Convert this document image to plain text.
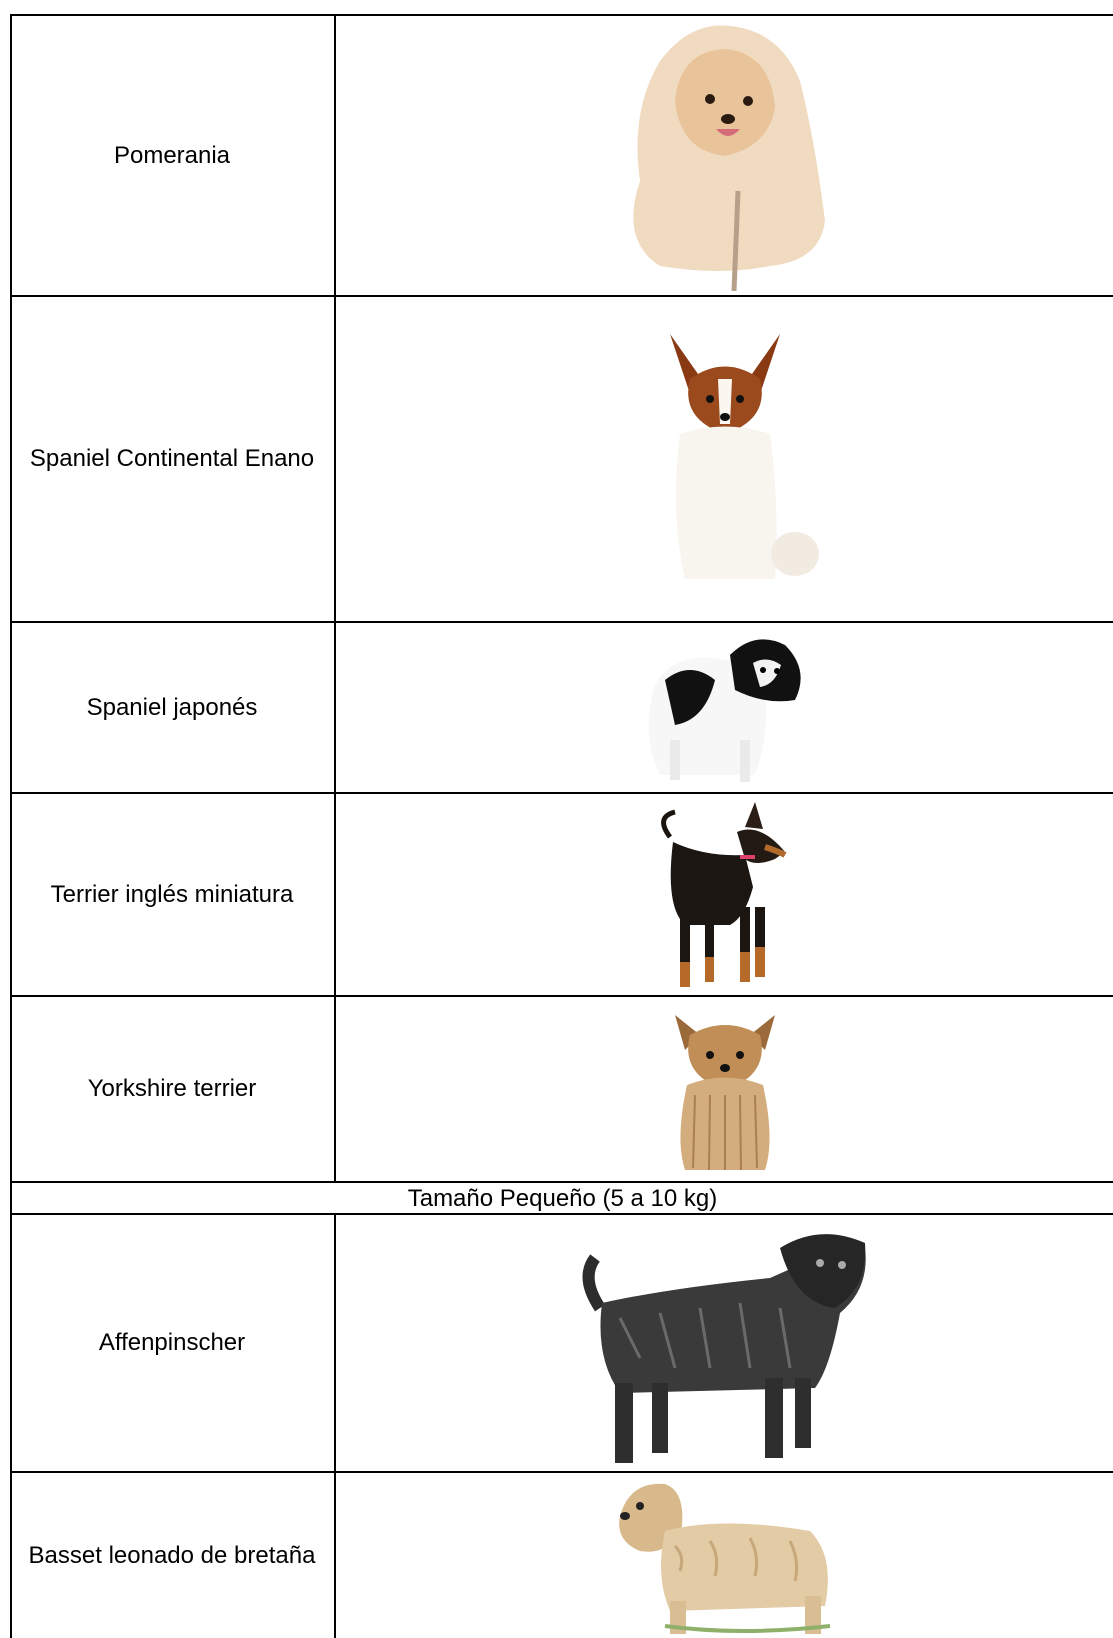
Pomerania
Spaniel Continental Enano
Spaniel japonés
Terrier inglés miniatura
Yorkshire terrier
Tamaño Pequeño (5 a 10 kg)
Affenpinscher
Basset leonado de bretaña
